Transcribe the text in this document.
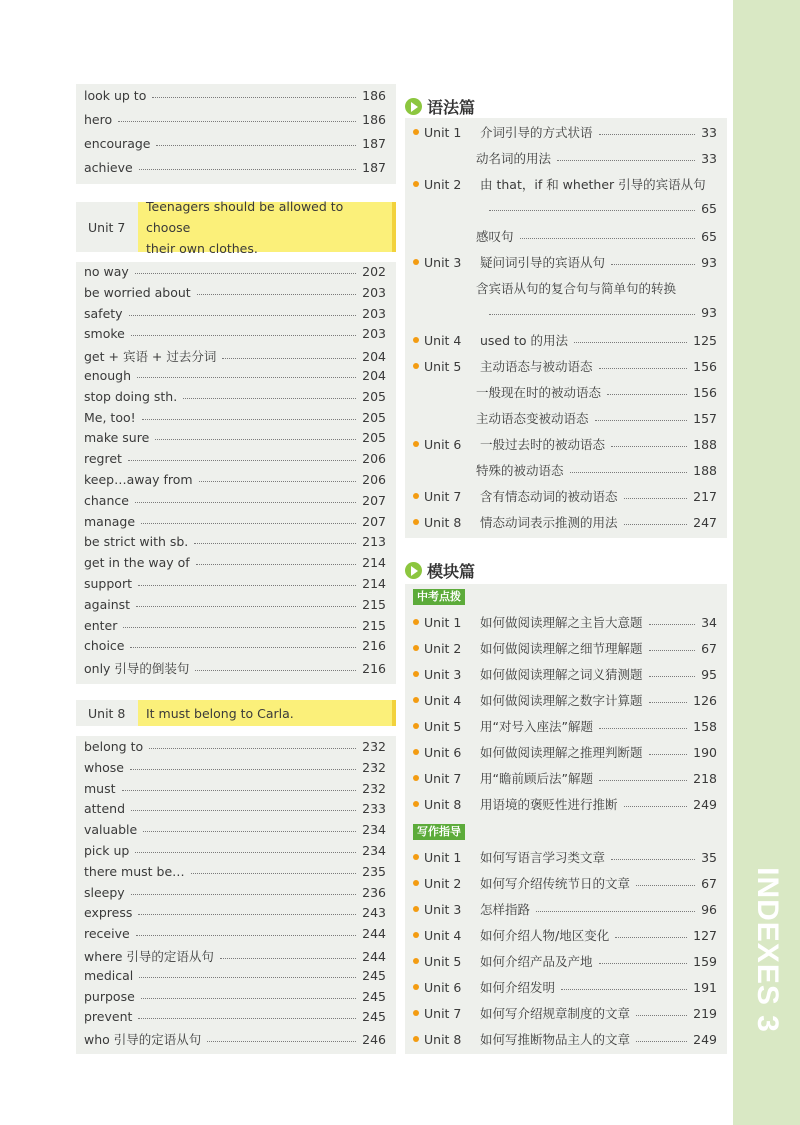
INDEXES 3
look up to	186
hero	186
encourage	187
achieve	187
Unit 7
Teenagers should be allowed to choose
their own clothes.
no way	202
be worried about	203
safety	203
smoke	203
get + 宾语 + 过去分词	204
enough	204
stop doing sth.	205
Me, too!	205
make sure	205
regret	206
keep…away from	206
chance	207
manage	207
be strict with sb.	213
get in the way of	214
support	214
against	215
enter	215
choice	216
only 引导的倒装句	216
Unit 8	It must belong to Carla.
belong to	232
whose	232
must	232
attend	233
valuable	234
pick up	234
there must be…	235
sleepy	236
express	243
receive	244
where 引导的定语从句	244
medical	245
purpose	245
prevent	245
who 引导的定语从句	246
语法篇
Unit 1	介词引导的方式状语	33
动名词的用法	33
Unit 2	由 that，if 和 whether 引导的宾语从句
65
感叹句	65
Unit 3	疑问词引导的宾语从句	93
含宾语从句的复合句与简单句的转换
93
Unit 4	used to 的用法	125
Unit 5	主动语态与被动语态	156
一般现在时的被动语态	156
主动语态变被动语态	157
Unit 6	一般过去时的被动语态	188
特殊的被动语态	188
Unit 7	含有情态动词的被动语态	217
Unit 8	情态动词表示推测的用法	247
模块篇
中考点拨
Unit 1	如何做阅读理解之主旨大意题	34
Unit 2	如何做阅读理解之细节理解题	67
Unit 3	如何做阅读理解之词义猜测题	95
Unit 4	如何做阅读理解之数字计算题	126
Unit 5	用“对号入座法”解题	158
Unit 6	如何做阅读理解之推理判断题	190
Unit 7	用“瞻前顾后法”解题	218
Unit 8	用语境的褒贬性进行推断	249
写作指导
Unit 1	如何写语言学习类文章	35
Unit 2	如何写介绍传统节日的文章	67
Unit 3	怎样指路	96
Unit 4	如何介绍人物/地区变化	127
Unit 5	如何介绍产品及产地	159
Unit 6	如何介绍发明	191
Unit 7	如何写介绍规章制度的文章	219
Unit 8	如何写推断物品主人的文章	249
